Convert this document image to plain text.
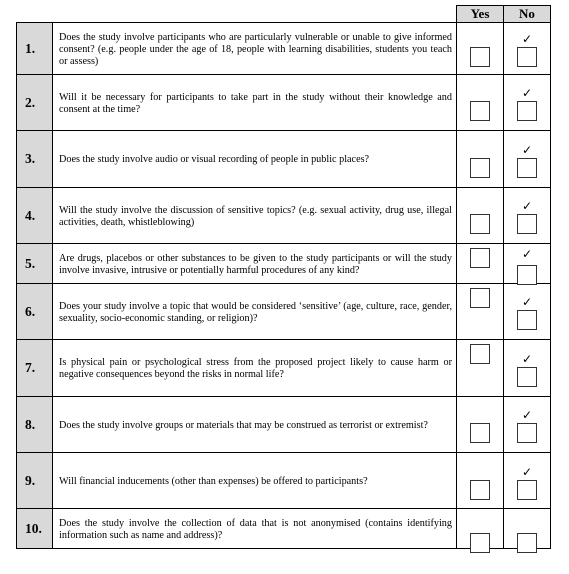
		Yes	No
1.	Does the study involve participants who are particularly vulnerable or unable to give informed consent? (e.g. people under the age of 18, people with learning disabilities, students you teach or assess)		✓

2.	Will it be necessary for participants to take part in the study without their knowledge and consent at the time?		✓

3.	Does the study involve audio or visual recording of people in public places?		✓

4.	Will the study involve the discussion of sensitive topics? (e.g. sexual activity, drug use, illegal activities, death, whistleblowing)		✓

5.	Are drugs, placebos or other substances to be given to the study participants or will the study involve invasive, intrusive or potentially harmful procedures of any kind?		✓

6.	Does your study involve a topic that would be considered ‘sensitive’ (age, culture, race, gender, sexuality, socio-economic standing, or religion)?		✓

7.	Is physical pain or psychological stress from the proposed project likely to cause harm or negative consequences beyond the risks in normal life?		✓

8.	Does the study involve groups or materials that may be construed as terrorist or extremist?		✓

9.	Will financial inducements (other than expenses) be offered to participants?		✓

10.	Does the study involve the collection of data that is not anonymised (contains identifying information such as name and address)?	
